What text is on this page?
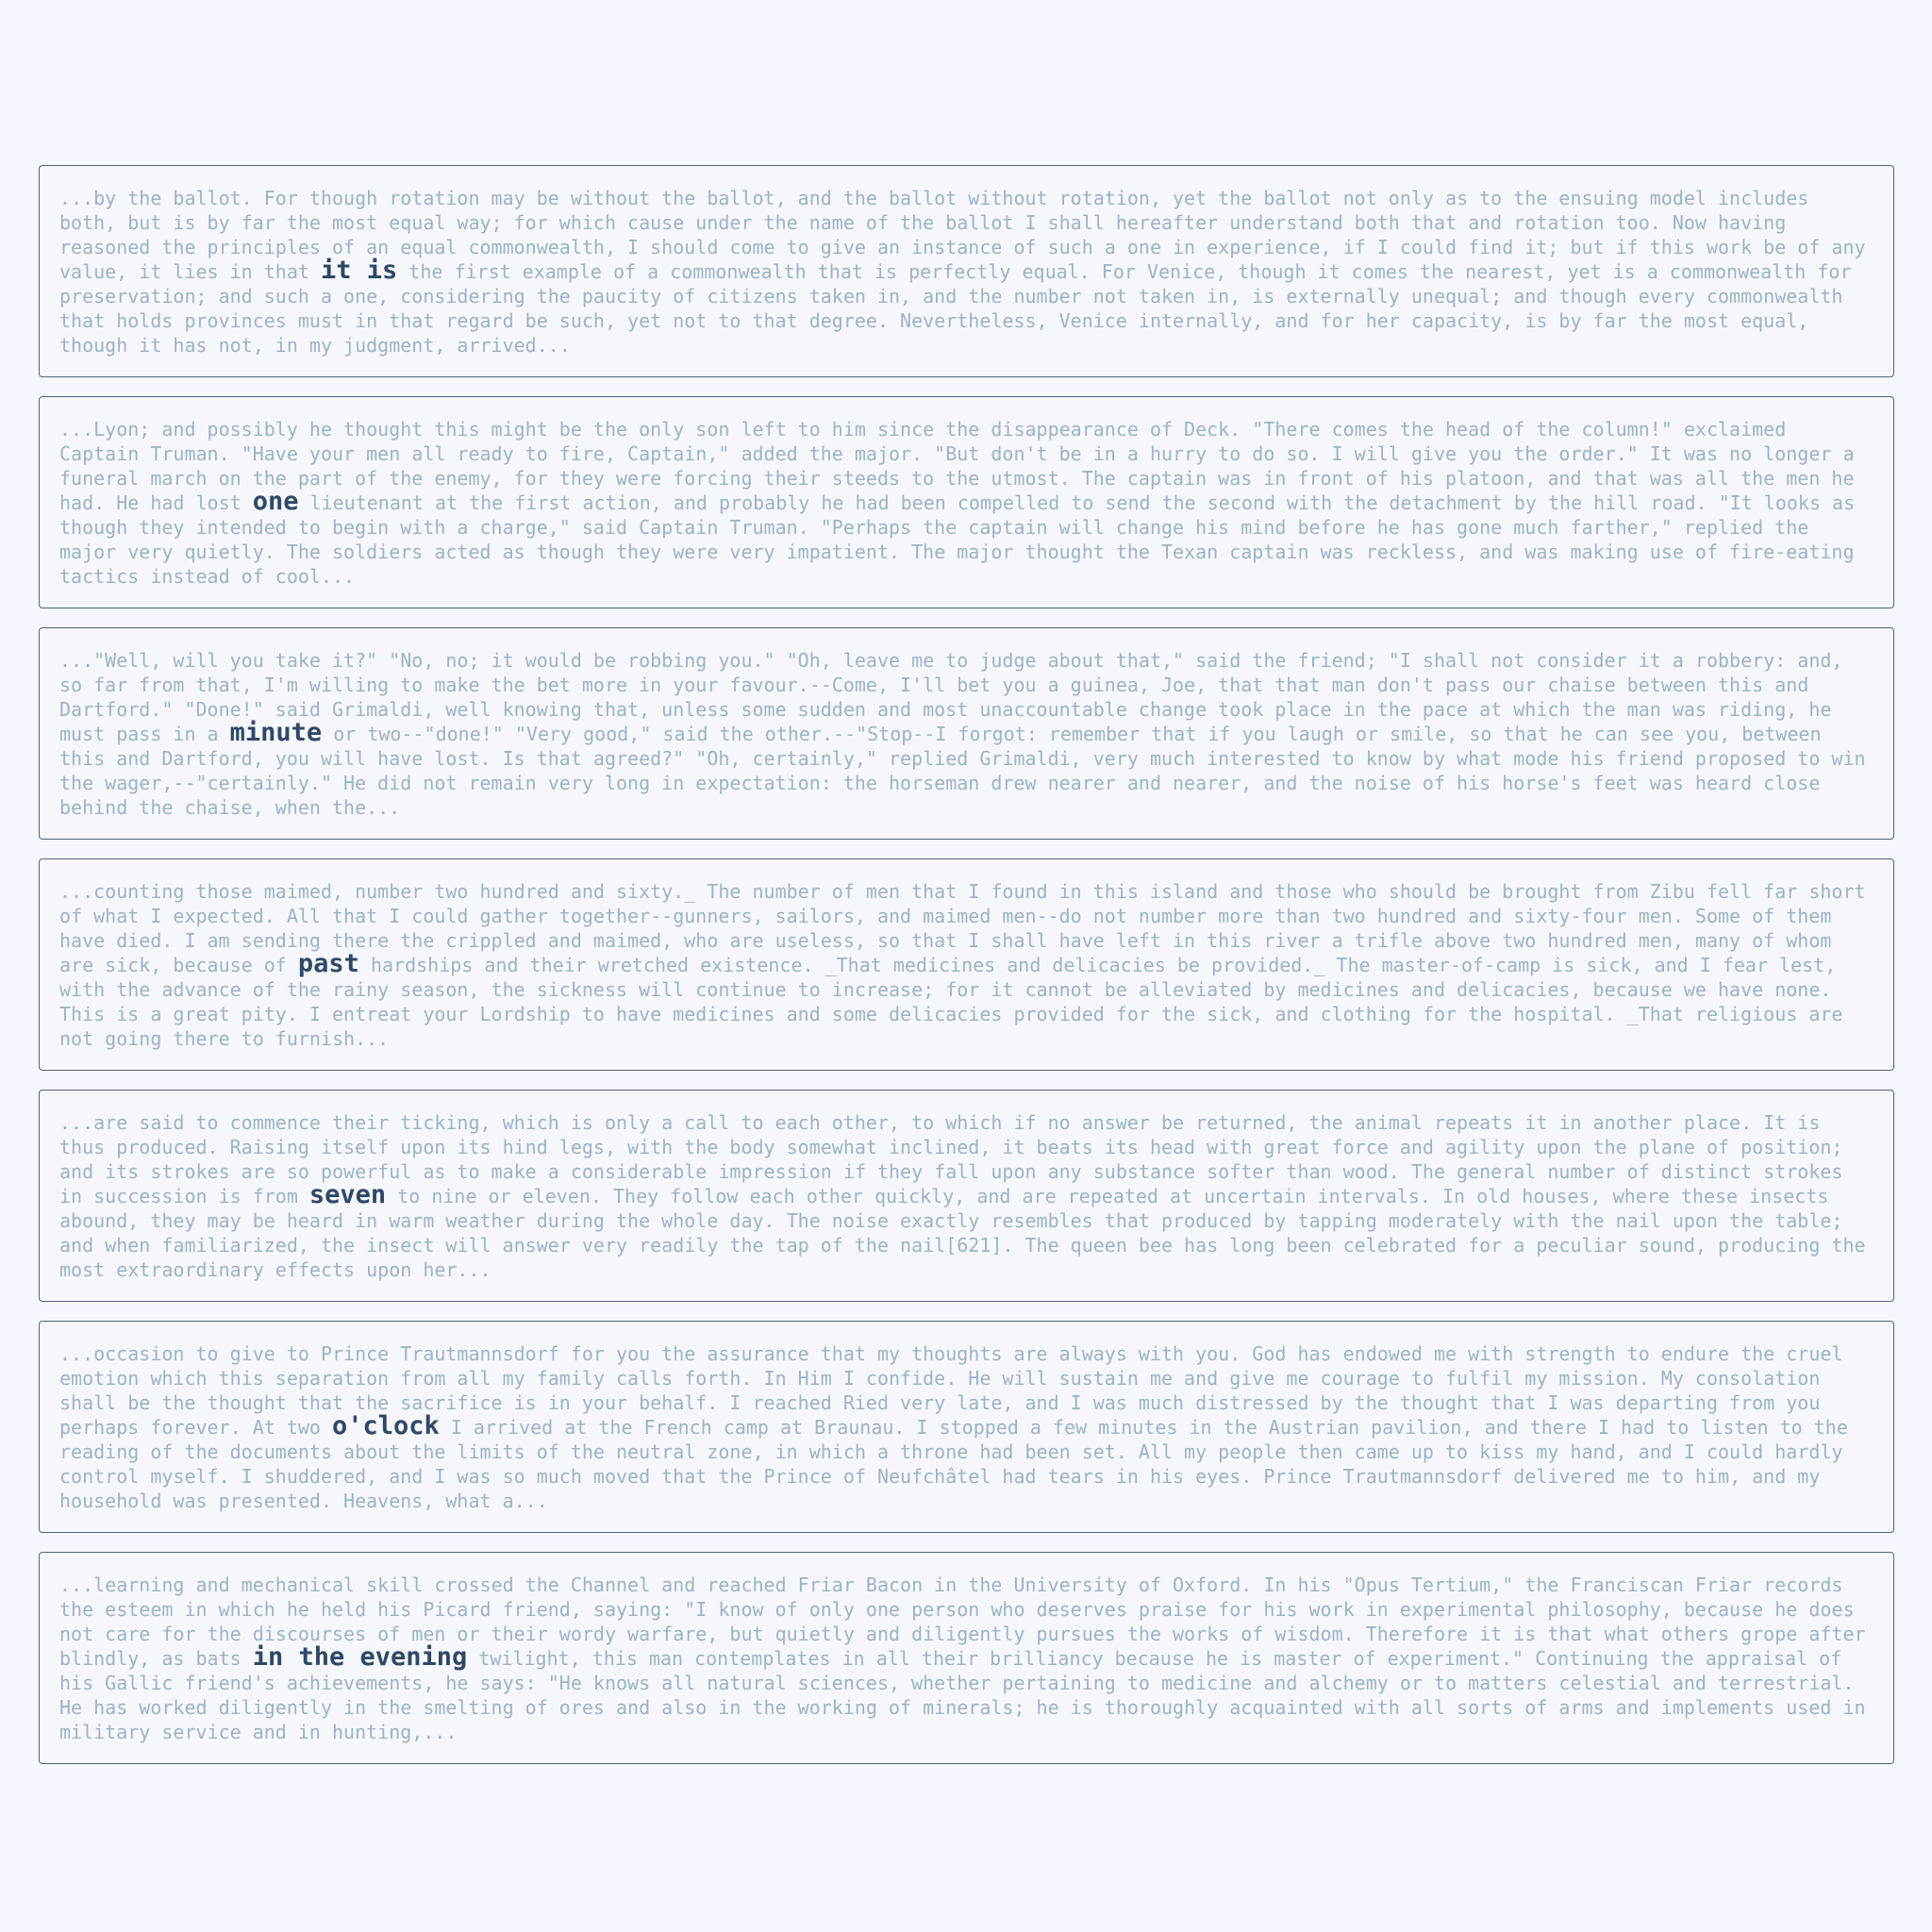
...by the ballot. For though rotation may be without the ballot, and the ballot without rotation, yet the ballot not only as to the ensuing model includes both, but is by far the most equal way; for which cause under the name of the ballot I shall hereafter understand both that and rotation too. Now having reasoned the principles of an equal commonwealth, I should come to give an instance of such a one in experience, if I could find it; but if this work be of any value, it lies in that it is the first example of a commonwealth that is perfectly equal. For Venice, though it comes the nearest, yet is a commonwealth for preservation; and such a one, considering the paucity of citizens taken in, and the number not taken in, is externally unequal; and though every commonwealth that holds provinces must in that regard be such, yet not to that degree. Nevertheless, Venice internally, and for her capacity, is by far the most equal, though it has not, in my judgment, arrived...

...Lyon; and possibly he thought this might be the only son left to him since the disappearance of Deck. "There comes the head of the column!" exclaimed Captain Truman. "Have your men all ready to fire, Captain," added the major. "But don't be in a hurry to do so. I will give you the order." It was no longer a funeral march on the part of the enemy, for they were forcing their steeds to the utmost. The captain was in front of his platoon, and that was all the men he had. He had lost one lieutenant at the first action, and probably he had been compelled to send the second with the detachment by the hill road. "It looks as though they intended to begin with a charge," said Captain Truman. "Perhaps the captain will change his mind before he has gone much farther," replied the major very quietly. The soldiers acted as though they were very impatient. The major thought the Texan captain was reckless, and was making use of fire-eating tactics instead of cool...

..."Well, will you take it?" "No, no; it would be robbing you." "Oh, leave me to judge about that," said the friend; "I shall not consider it a robbery: and, so far from that, I'm willing to make the bet more in your favour.--Come, I'll bet you a guinea, Joe, that that man don't pass our chaise between this and Dartford." "Done!" said Grimaldi, well knowing that, unless some sudden and most unaccountable change took place in the pace at which the man was riding, he must pass in a minute or two--"done!" "Very good," said the other.--"Stop--I forgot: remember that if you laugh or smile, so that he can see you, between this and Dartford, you will have lost. Is that agreed?" "Oh, certainly," replied Grimaldi, very much interested to know by what mode his friend proposed to win the wager,--"certainly." He did not remain very long in expectation: the horseman drew nearer and nearer, and the noise of his horse's feet was heard close behind the chaise, when the...

...counting those maimed, number two hundred and sixty._ The number of men that I found in this island and those who should be brought from Zibu fell far short of what I expected. All that I could gather together--gunners, sailors, and maimed men--do not number more than two hundred and sixty-four men. Some of them have died. I am sending there the crippled and maimed, who are useless, so that I shall have left in this river a trifle above two hundred men, many of whom are sick, because of past hardships and their wretched existence. _That medicines and delicacies be provided._ The master-of-camp is sick, and I fear lest, with the advance of the rainy season, the sickness will continue to increase; for it cannot be alleviated by medicines and delicacies, because we have none. This is a great pity. I entreat your Lordship to have medicines and some delicacies provided for the sick, and clothing for the hospital. _That religious are not going there to furnish...

...are said to commence their ticking, which is only a call to each other, to which if no answer be returned, the animal repeats it in another place. It is thus produced. Raising itself upon its hind legs, with the body somewhat inclined, it beats its head with great force and agility upon the plane of position; and its strokes are so powerful as to make a considerable impression if they fall upon any substance softer than wood. The general number of distinct strokes in succession is from seven to nine or eleven. They follow each other quickly, and are repeated at uncertain intervals. In old houses, where these insects abound, they may be heard in warm weather during the whole day. The noise exactly resembles that produced by tapping moderately with the nail upon the table; and when familiarized, the insect will answer very readily the tap of the nail[621]. The queen bee has long been celebrated for a peculiar sound, producing the most extraordinary effects upon her...

...occasion to give to Prince Trautmannsdorf for you the assurance that my thoughts are always with you. God has endowed me with strength to endure the cruel emotion which this separation from all my family calls forth. In Him I confide. He will sustain me and give me courage to fulfil my mission. My consolation shall be the thought that the sacrifice is in your behalf. I reached Ried very late, and I was much distressed by the thought that I was departing from you perhaps forever. At two o'clock I arrived at the French camp at Braunau. I stopped a few minutes in the Austrian pavilion, and there I had to listen to the reading of the documents about the limits of the neutral zone, in which a throne had been set. All my people then came up to kiss my hand, and I could hardly control myself. I shuddered, and I was so much moved that the Prince of Neufchâtel had tears in his eyes. Prince Trautmannsdorf delivered me to him, and my household was presented. Heavens, what a...

...learning and mechanical skill crossed the Channel and reached Friar Bacon in the University of Oxford. In his "Opus Tertium," the Franciscan Friar records the esteem in which he held his Picard friend, saying: "I know of only one person who deserves praise for his work in experimental philosophy, because he does not care for the discourses of men or their wordy warfare, but quietly and diligently pursues the works of wisdom. Therefore it is that what others grope after blindly, as bats in the evening twilight, this man contemplates in all their brilliancy because he is master of experiment." Continuing the appraisal of his Gallic friend's achievements, he says: "He knows all natural sciences, whether pertaining to medicine and alchemy or to matters celestial and terrestrial. He has worked diligently in the smelting of ores and also in the working of minerals; he is thoroughly acquainted with all sorts of arms and implements used in military service and in hunting,...
